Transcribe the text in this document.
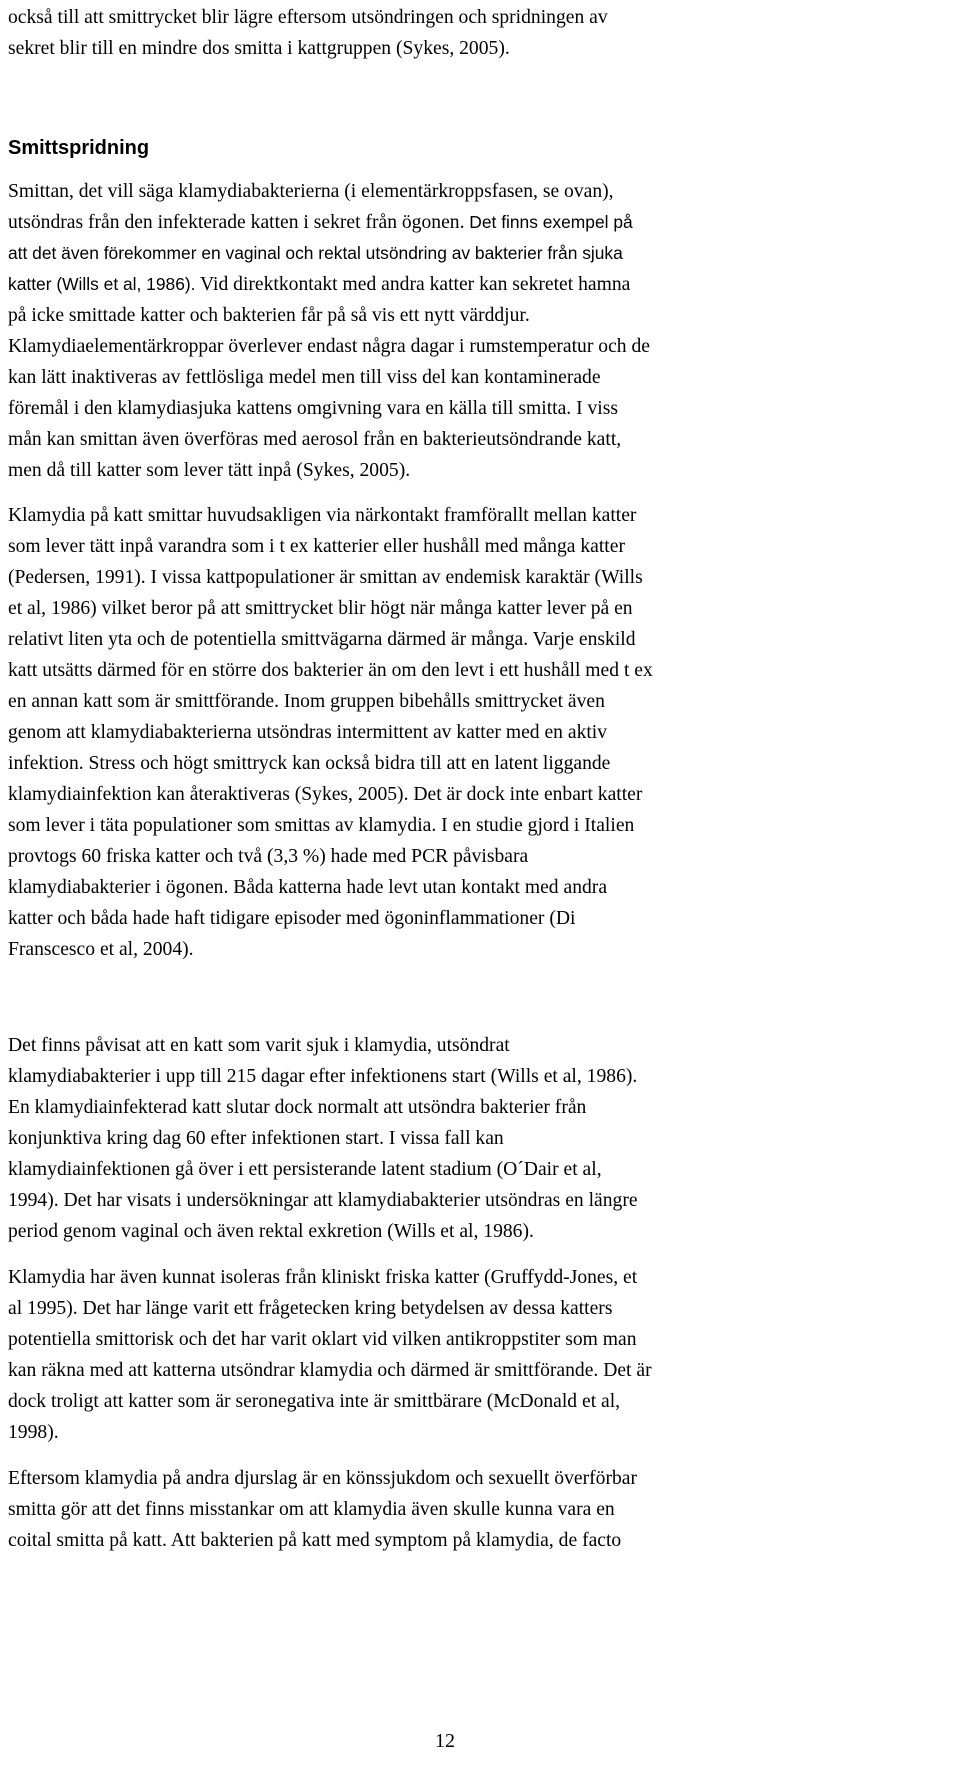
också till att smittrycket blir lägre eftersom utsöndringen och spridningen av
sekret blir till en mindre dos smitta i kattgruppen (Sykes, 2005).
Smittspridning
Smittan, det vill säga klamydiabakterierna (i elementärkroppsfasen, se ovan),
utsöndras från den infekterade katten i sekret från ögonen. Det finns exempel på
att det även förekommer en vaginal och rektal utsöndring av bakterier från sjuka
katter (Wills et al, 1986). Vid direktkontakt med andra katter kan sekretet hamna
på icke smittade katter och bakterien får på så vis ett nytt värddjur.
Klamydiaelementärkroppar överlever endast några dagar i rumstemperatur och de
kan lätt inaktiveras av fettlösliga medel men till viss del kan kontaminerade
föremål i den klamydiasjuka kattens omgivning vara en källa till smitta. I viss
mån kan smittan även överföras med aerosol från en bakterieutsöndrande katt,
men då till katter som lever tätt inpå (Sykes, 2005).
Klamydia på katt smittar huvudsakligen via närkontakt framförallt mellan katter
som lever tätt inpå varandra som i t ex katterier eller hushåll med många katter
(Pedersen, 1991). I vissa kattpopulationer är smittan av endemisk karaktär (Wills
et al, 1986) vilket beror på att smittrycket blir högt när många katter lever på en
relativt liten yta och de potentiella smittvägarna därmed är många. Varje enskild
katt utsätts därmed för en större dos bakterier än om den levt i ett hushåll med t ex
en annan katt som är smittförande. Inom gruppen bibehålls smittrycket även
genom att klamydiabakterierna utsöndras intermittent av katter med en aktiv
infektion. Stress och högt smittryck kan också bidra till att en latent liggande
klamydiainfektion kan återaktiveras (Sykes, 2005). Det är dock inte enbart katter
som lever i täta populationer som smittas av klamydia. I en studie gjord i Italien
provtogs 60 friska katter och två (3,3 %) hade med PCR påvisbara
klamydiabakterier i ögonen. Båda katterna hade levt utan kontakt med andra
katter och båda hade haft tidigare episoder med ögoninflammationer (Di
Franscesco et al, 2004).
Det finns påvisat att en katt som varit sjuk i klamydia, utsöndrat
klamydiabakterier i upp till 215 dagar efter infektionens start (Wills et al, 1986).
En klamydiainfekterad katt slutar dock normalt att utsöndra bakterier från
konjunktiva kring dag 60 efter infektionen start. I vissa fall kan
klamydiainfektionen gå över i ett persisterande latent stadium (O´Dair et al,
1994). Det har visats i undersökningar att klamydiabakterier utsöndras en längre
period genom vaginal och även rektal exkretion (Wills et al, 1986).
Klamydia har även kunnat isoleras från kliniskt friska katter (Gruffydd-Jones, et
al 1995). Det har länge varit ett frågetecken kring betydelsen av dessa katters
potentiella smittorisk och det har varit oklart vid vilken antikroppstiter som man
kan räkna med att katterna utsöndrar klamydia och därmed är smittförande. Det är
dock troligt att katter som är seronegativa inte är smittbärare (McDonald et al,
1998).
Eftersom klamydia på andra djurslag är en könssjukdom och sexuellt överförbar
smitta gör att det finns misstankar om att klamydia även skulle kunna vara en
coital smitta på katt. Att bakterien på katt med symptom på klamydia, de facto
12
